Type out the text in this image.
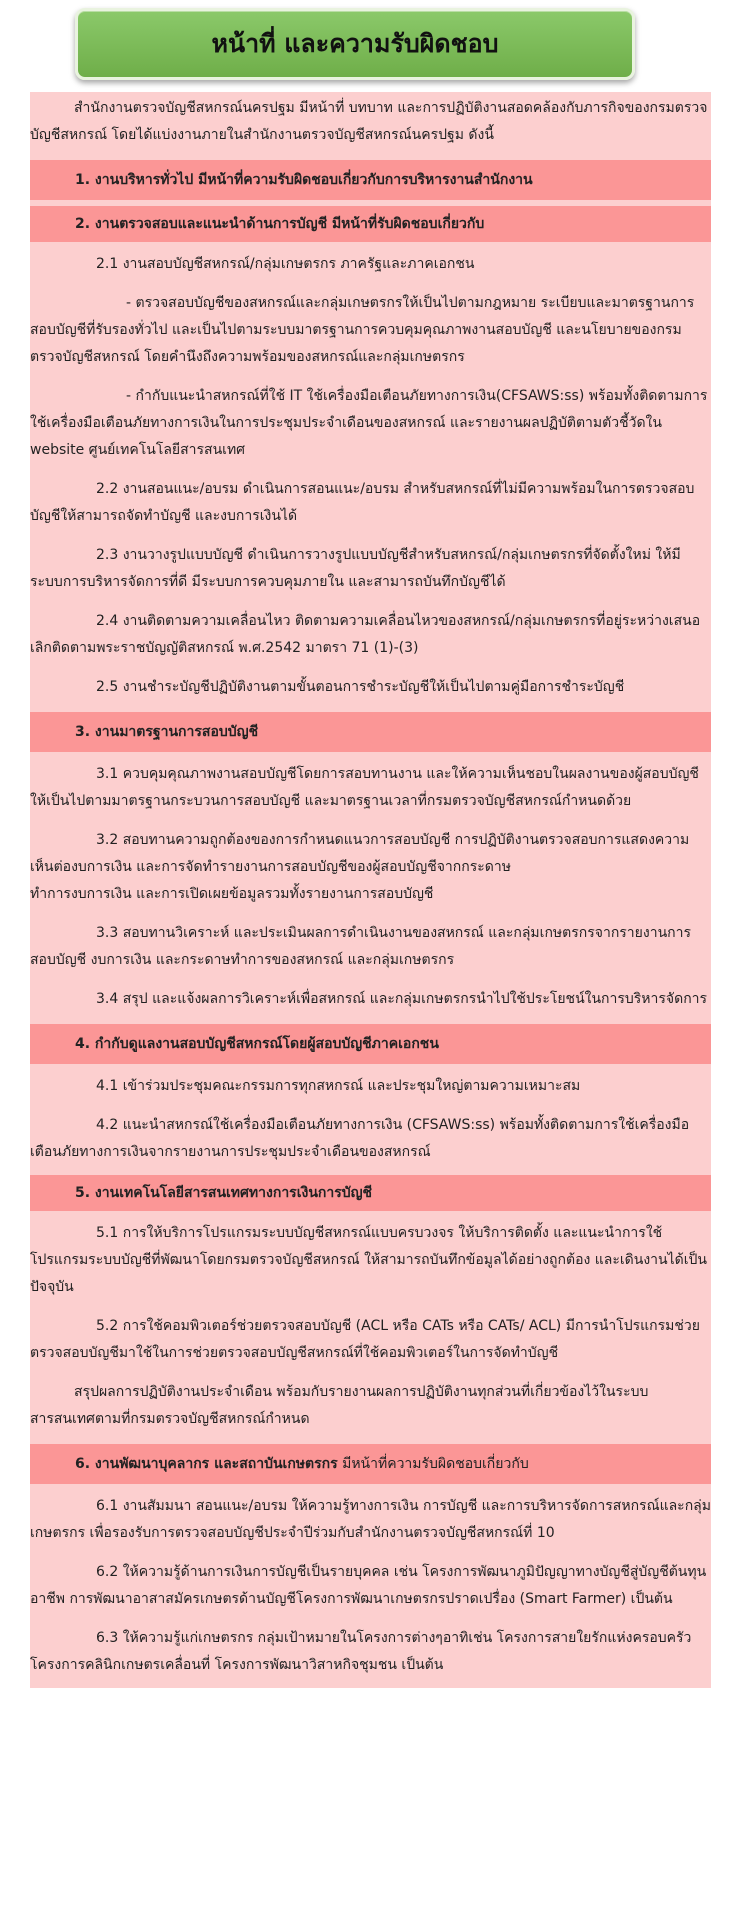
หน้าที่ และความรับผิดชอบ
สำนักงานตรวจบัญชีสหกรณ์นครปฐม มีหน้าที่ บทบาท และการปฏิบัติงานสอดคล้องกับภารกิจของกรมตรวจบัญชีสหกรณ์ โดยได้แบ่งงานภายในสำนักงานตรวจบัญชีสหกรณ์นครปฐม ดังนี้
1. งานบริหารทั่วไป มีหน้าที่ความรับผิดชอบเกี่ยวกับการบริหารงานสำนักงาน
2. งานตรวจสอบและแนะนำด้านการบัญชี มีหน้าที่รับผิดชอบเกี่ยวกับ
2.1 งานสอบบัญชีสหกรณ์/กลุ่มเกษตรกร ภาครัฐและภาคเอกชน
- ตรวจสอบบัญชีของสหกรณ์และกลุ่มเกษตรกรให้เป็นไปตามกฎหมาย ระเบียบและมาตรฐานการสอบบัญชีที่รับรองทั่วไป และเป็นไปตามระบบมาตรฐานการควบคุมคุณภาพงานสอบบัญชี และนโยบายของกรมตรวจบัญชีสหกรณ์ โดยคำนึงถึงความพร้อมของสหกรณ์และกลุ่มเกษตรกร
- กำกับแนะนำสหกรณ์ที่ใช้ IT ใช้เครื่องมือเตือนภัยทางการเงิน(CFSAWS:ss) พร้อมทั้งติดตามการใช้เครื่องมือเตือนภัยทางการเงินในการประชุมประจำเดือนของสหกรณ์ และรายงานผลปฏิบัติตามตัวชี้วัดใน website ศูนย์เทคโนโลยีสารสนเทศ
2.2 งานสอนแนะ/อบรม ดำเนินการสอนแนะ/อบรม สำหรับสหกรณ์ที่ไม่มีความพร้อมในการตรวจสอบบัญชีให้สามารถจัดทำบัญชี และงบการเงินได้
2.3 งานวางรูปแบบบัญชี ดำเนินการวางรูปแบบบัญชีสำหรับสหกรณ์/กลุ่มเกษตรกรที่จัดตั้งใหม่ ให้มีระบบการบริหารจัดการที่ดี มีระบบการควบคุมภายใน และสามารถบันทึกบัญชีได้
2.4 งานติดตามความเคลื่อนไหว ติดตามความเคลื่อนไหวของสหกรณ์/กลุ่มเกษตรกรที่อยู่ระหว่างเสนอเลิกติดตามพระราชบัญญัติสหกรณ์ พ.ศ.2542 มาตรา 71 (1)-(3)
2.5 งานชำระบัญชีปฏิบัติงานตามขั้นตอนการชำระบัญชีให้เป็นไปตามคู่มือการชำระบัญชี
3. งานมาตรฐานการสอบบัญชี
3.1 ควบคุมคุณภาพงานสอบบัญชีโดยการสอบทานงาน และให้ความเห็นชอบในผลงานของผู้สอบบัญชีให้เป็นไปตามมาตรฐานกระบวนการสอบบัญชี และมาตรฐานเวลาที่กรมตรวจบัญชีสหกรณ์กำหนดด้วย
3.2 สอบทานความถูกต้องของการกำหนดแนวการสอบบัญชี การปฏิบัติงานตรวจสอบการแสดงความเห็นต่องบการเงิน และการจัดทำรายงานการสอบบัญชีของผู้สอบบัญชีจากกระดาษ
ทำการงบการเงิน และการเปิดเผยข้อมูลรวมทั้งรายงานการสอบบัญชี
3.3 สอบทานวิเคราะห์ และประเมินผลการดำเนินงานของสหกรณ์ และกลุ่มเกษตรกรจากรายงานการสอบบัญชี งบการเงิน และกระดาษทำการของสหกรณ์ และกลุ่มเกษตรกร
3.4 สรุป และแจ้งผลการวิเคราะห์เพื่อสหกรณ์ และกลุ่มเกษตรกรนำไปใช้ประโยชน์ในการบริหารจัดการ
4. กำกับดูแลงานสอบบัญชีสหกรณ์โดยผู้สอบบัญชีภาคเอกชน
4.1 เข้าร่วมประชุมคณะกรรมการทุกสหกรณ์ และประชุมใหญ่ตามความเหมาะสม
4.2 แนะนำสหกรณ์ใช้เครื่องมือเตือนภัยทางการเงิน (CFSAWS:ss) พร้อมทั้งติดตามการใช้เครื่องมือเตือนภัยทางการเงินจากรายงานการประชุมประจำเดือนของสหกรณ์
5. งานเทคโนโลยีสารสนเทศทางการเงินการบัญชี
5.1 การให้บริการโปรแกรมระบบบัญชีสหกรณ์แบบครบวงจร ให้บริการติดตั้ง และแนะนำการใช้โปรแกรมระบบบัญชีที่พัฒนาโดยกรมตรวจบัญชีสหกรณ์ ให้สามารถบันทึกข้อมูลได้อย่างถูกต้อง และเดินงานได้เป็นปัจจุบัน
5.2 การใช้คอมพิวเตอร์ช่วยตรวจสอบบัญชี (ACL หรือ CATs หรือ CATs/ ACL) มีการนำโปรแกรมช่วยตรวจสอบบัญชีมาใช้ในการช่วยตรวจสอบบัญชีสหกรณ์ที่ใช้คอมพิวเตอร์ในการจัดทำบัญชี
สรุปผลการปฏิบัติงานประจำเดือน พร้อมกับรายงานผลการปฏิบัติงานทุกส่วนที่เกี่ยวข้องไว้ในระบบสารสนเทศตามที่กรมตรวจบัญชีสหกรณ์กำหนด
6. งานพัฒนาบุคลากร และสถาบันเกษตรกร มีหน้าที่ความรับผิดชอบเกี่ยวกับ
6.1 งานสัมมนา สอนแนะ/อบรม ให้ความรู้ทางการเงิน การบัญชี และการบริหารจัดการสหกรณ์และกลุ่มเกษตรกร เพื่อรองรับการตรวจสอบบัญชีประจำปีร่วมกับสำนักงานตรวจบัญชีสหกรณ์ที่ 10
6.2 ให้ความรู้ด้านการเงินการบัญชีเป็นรายบุคคล เช่น โครงการพัฒนาภูมิปัญญาทางบัญชีสู่บัญชีต้นทุนอาชีพ การพัฒนาอาสาสมัครเกษตรด้านบัญชีโครงการพัฒนาเกษตรกรปราดเปรื่อง (Smart Farmer) เป็นต้น
6.3 ให้ความรู้แก่เกษตรกร กลุ่มเป้าหมายในโครงการต่างๆอาทิเช่น โครงการสายใยรักแห่งครอบครัว โครงการคลินิกเกษตรเคลื่อนที่ โครงการพัฒนาวิสาหกิจชุมชน เป็นต้น
